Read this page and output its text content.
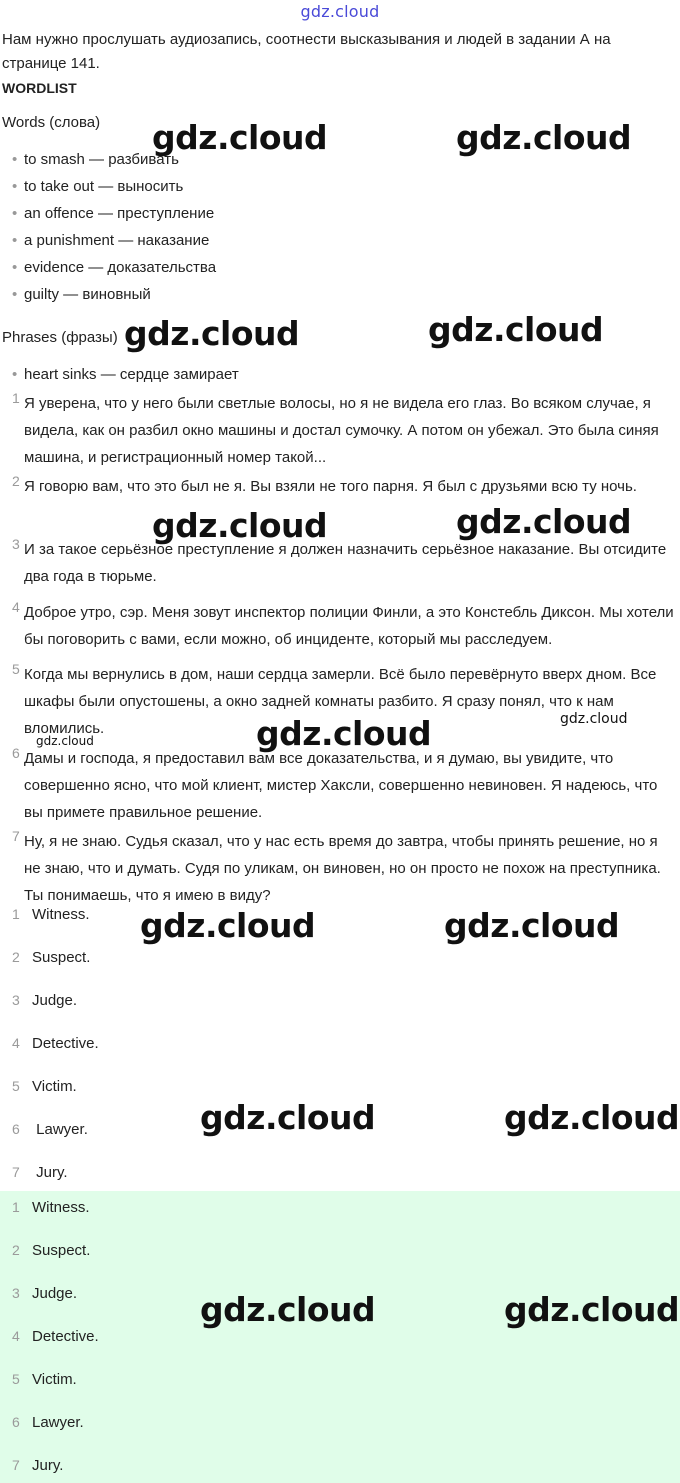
gdz.cloud
Нам нужно прослушать аудиозапись, соотнести высказывания и людей в задании А на странице 141.
WORDLIST
Words (слова)
• to smash — разбивать
• to take out — выносить
• an offence — преступление
• a punishment — наказание
• evidence — доказательства
• guilty — виновный
Phrases (фразы)
• heart sinks — сердце замирает
1 Я уверена, что у него были светлые волосы, но я не видела его глаз. Во всяком случае, я видела, как он разбил окно машины и достал сумочку. А потом он убежал. Это была синяя машина, и регистрационный номер такой...
2 Я говорю вам, что это был не я. Вы взяли не того парня. Я был с друзьями всю ту ночь.
3 И за такое серьёзное преступление я должен назначить серьёзное наказание. Вы отсидите два года в тюрьме.
4 Доброе утро, сэр. Меня зовут инспектор полиции Финли, а это Констебль Диксон. Мы хотели бы поговорить с вами, если можно, об инциденте, который мы расследуем.
5 Когда мы вернулись в дом, наши сердца замерли. Всё было перевёрнуто вверх дном. Все шкафы были опустошены, а окно задней комнаты разбито. Я сразу понял, что к нам вломились.
6 Дамы и господа, я предоставил вам все доказательства, и я думаю, вы увидите, что совершенно ясно, что мой клиент, мистер Хаксли, совершенно невиновен. Я надеюсь, что вы примете правильное решение.
7 Ну, я не знаю. Судья сказал, что у нас есть время до завтра, чтобы принять решение, но я не знаю, что и думать. Судя по уликам, он виновен, но он просто не похож на преступника. Ты понимаешь, что я имею в виду?
1 Witness.
2 Suspect.
3 Judge.
4 Detective.
5 Victim.
6 Lawyer.
7 Jury.
1 Witness.
2 Suspect.
3 Judge.
4 Detective.
5 Victim.
6 Lawyer.
7 Jury.
gdz.cloud	gdz.cloud
gdz.cloud	gdz.cloud
gdz.cloud	gdz.cloud
gdz.cloud	gdz.cloud
gdz.cloud
gdz.cloud	gdz.cloud
gdz.cloud	gdz.cloud
gdz.cloud	gdz.cloud
